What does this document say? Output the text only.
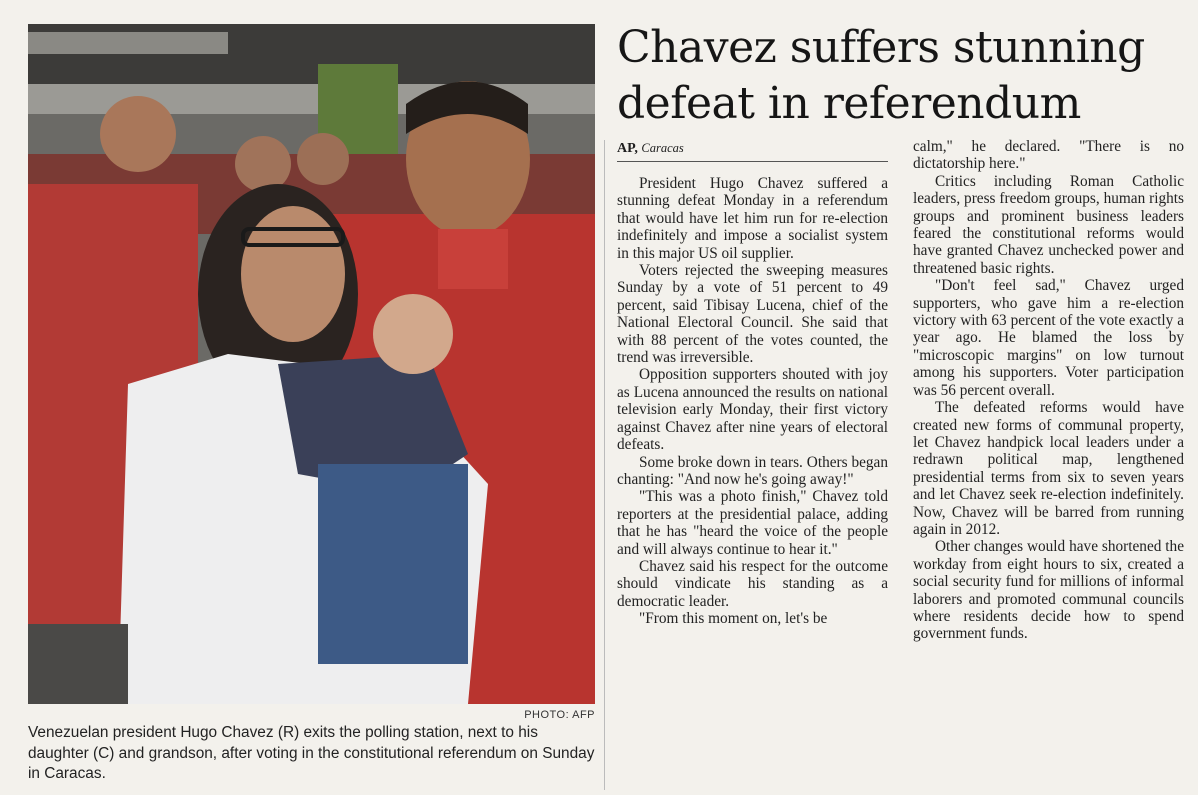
PHOTO: AFP
Venezuelan president Hugo Chavez (R) exits the polling station, next to his daughter (C) and grandson, after voting in the constitutional referendum on Sunday in Caracas.
Chavez suffers stunning defeat in referendum
AP, Caracas

President Hugo Chavez suffered a stunning defeat Monday in a referendum that would have let him run for re-election indefinitely and impose a socialist system in this major US oil supplier.

Voters rejected the sweeping measures Sunday by a vote of 51 percent to 49 percent, said Tibisay Lucena, chief of the National Electoral Council. She said that with 88 percent of the votes counted, the trend was irreversible.

Opposition supporters shouted with joy as Lucena announced the results on national television early Monday, their first victory against Chavez after nine years of electoral defeats.

Some broke down in tears. Others began chanting: "And now he's going away!"

"This was a photo finish," Chavez told reporters at the presidential palace, adding that he has "heard the voice of the people and will always continue to hear it."

Chavez said his respect for the outcome should vindicate his standing as a democratic leader.

"From this moment on, let's be

calm," he declared. "There is no dictatorship here."

Critics including Roman Catholic leaders, press freedom groups, human rights groups and prominent business leaders feared the constitutional reforms would have granted Chavez unchecked power and threatened basic rights.

"Don't feel sad," Chavez urged supporters, who gave him a re-election victory with 63 percent of the vote exactly a year ago. He blamed the loss by "microscopic margins" on low turnout among his supporters. Voter participation was 56 percent overall.

The defeated reforms would have created new forms of communal property, let Chavez handpick local leaders under a redrawn political map, lengthened presidential terms from six to seven years and let Chavez seek re-election indefinitely. Now, Chavez will be barred from running again in 2012.

Other changes would have shortened the workday from eight hours to six, created a social security fund for millions of informal laborers and promoted communal councils where residents decide how to spend government funds.
